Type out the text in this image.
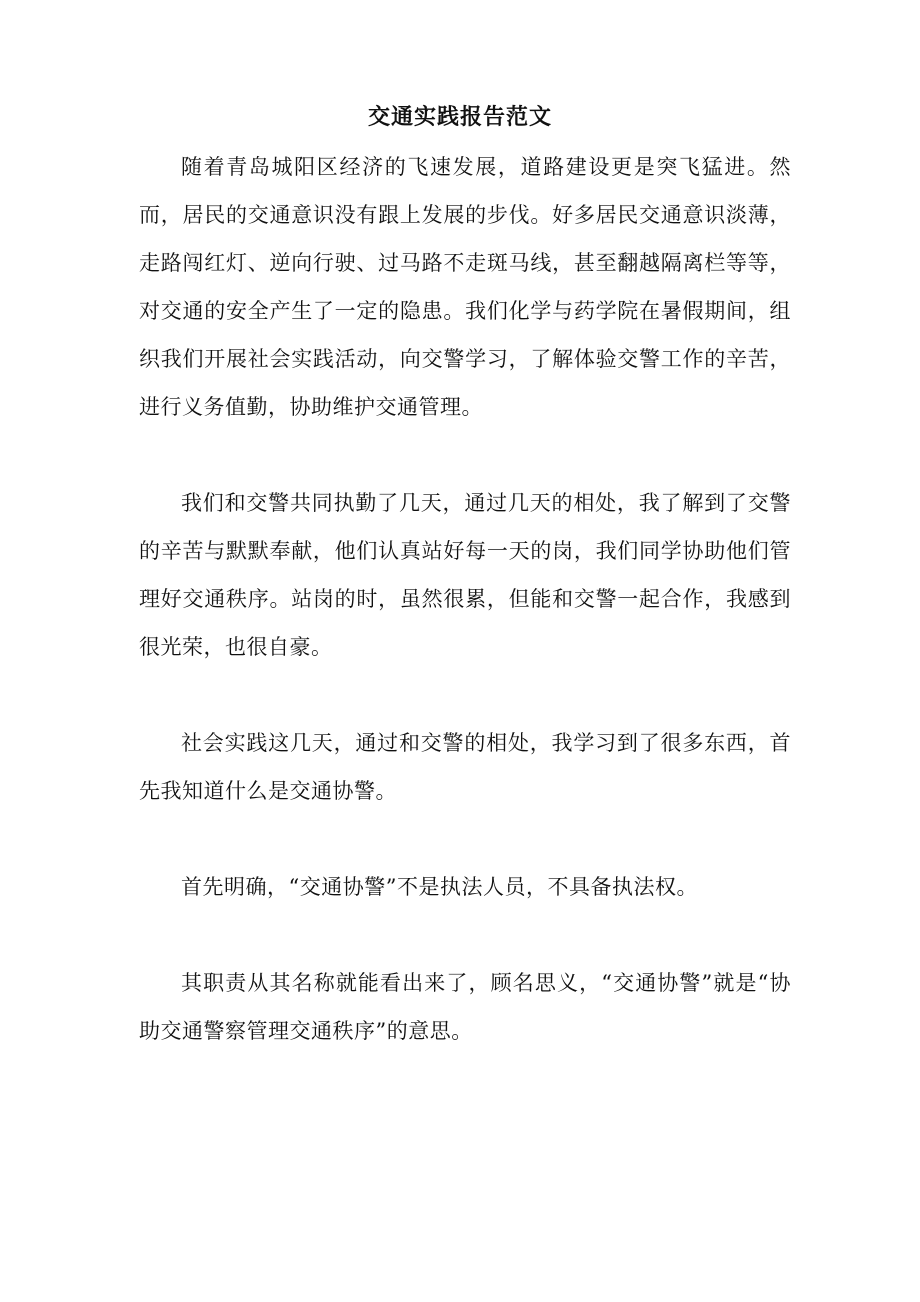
交通实践报告范文

随着青岛城阳区经济的飞速发展，道路建设更是突飞猛进。然而，居民的交通意识没有跟上发展的步伐。好多居民交通意识淡薄，走路闯红灯、逆向行驶、过马路不走斑马线，甚至翻越隔离栏等等，对交通的安全产生了一定的隐患。我们化学与药学院在暑假期间，组织我们开展社会实践活动，向交警学习，了解体验交警工作的辛苦，进行义务值勤，协助维护交通管理。

我们和交警共同执勤了几天，通过几天的相处，我了解到了交警的辛苦与默默奉献，他们认真站好每一天的岗，我们同学协助他们管理好交通秩序。站岗的时，虽然很累，但能和交警一起合作，我感到很光荣，也很自豪。

社会实践这几天，通过和交警的相处，我学习到了很多东西，首先我知道什么是交通协警。

首先明确，“交通协警”不是执法人员，不具备执法权。

其职责从其名称就能看出来了，顾名思义，“交通协警”就是“协助交通警察管理交通秩序”的意思。
